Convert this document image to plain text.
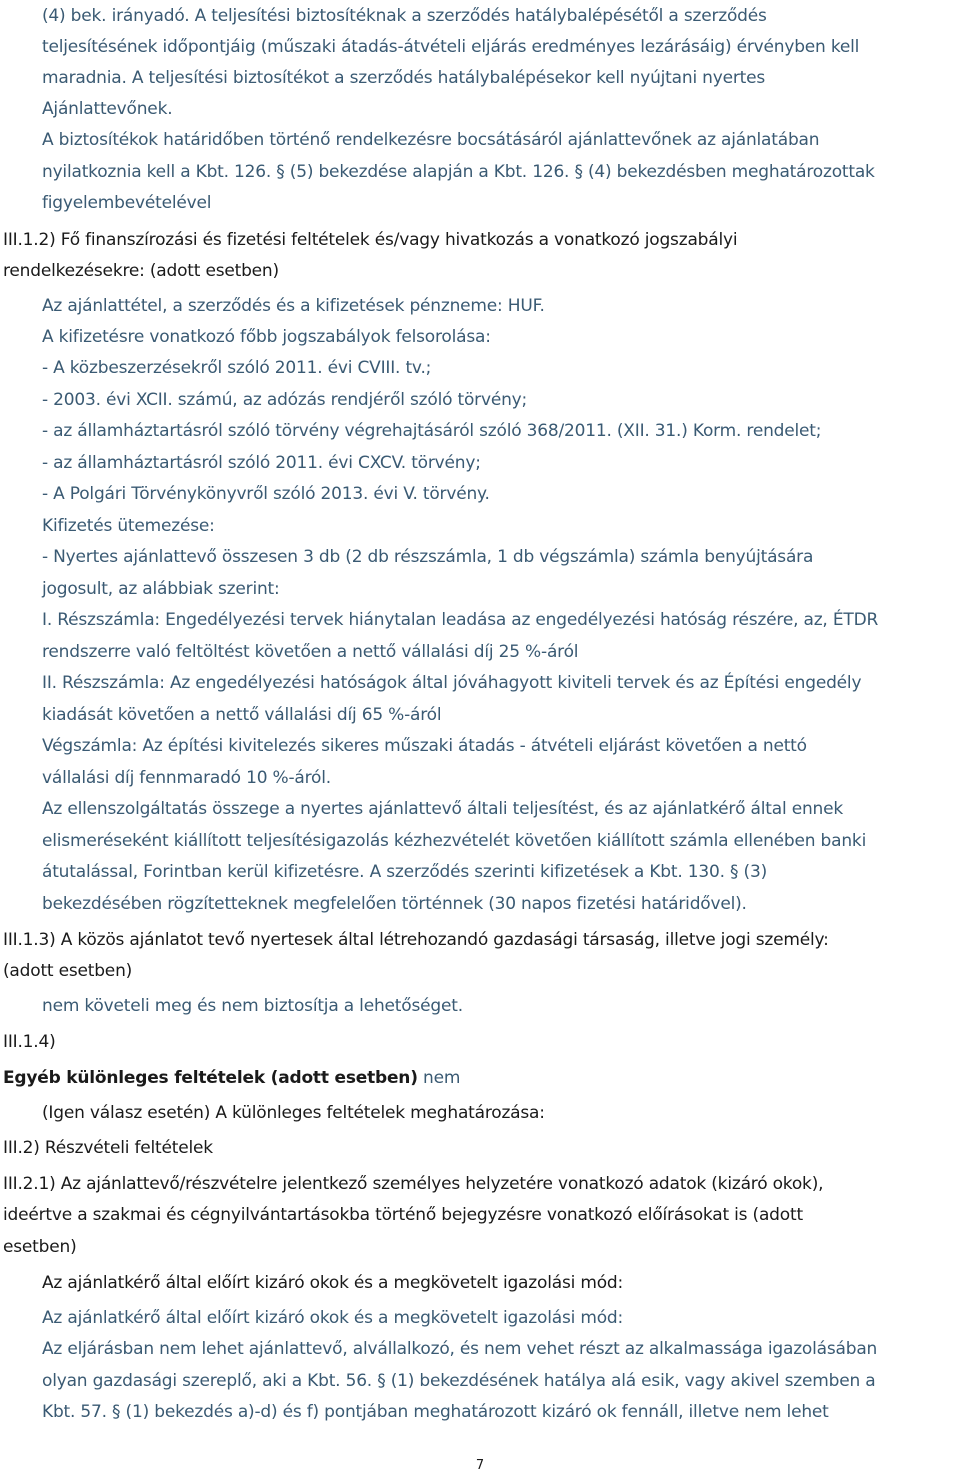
(4) bek. irányadó. A teljesítési biztosítéknak a szerződés hatálybalépésétől a szerződés
teljesítésének időpontjáig (műszaki átadás-átvételi eljárás eredményes lezárásáig) érvényben kell
maradnia. A teljesítési biztosítékot a szerződés hatálybalépésekor kell nyújtani nyertes
Ajánlattevőnek.
A biztosítékok határidőben történő rendelkezésre bocsátásáról ajánlattevőnek az ajánlatában
nyilatkoznia kell a Kbt. 126. § (5) bekezdése alapján a Kbt. 126. § (4) bekezdésben meghatározottak
figyelembevételével
III.1.2) Fő finanszírozási és fizetési feltételek és/vagy hivatkozás a vonatkozó jogszabályi
rendelkezésekre: (adott esetben)
Az ajánlattétel, a szerződés és a kifizetések pénzneme: HUF.
A kifizetésre vonatkozó főbb jogszabályok felsorolása:
- A közbeszerzésekről szóló 2011. évi CVIII. tv.;
- 2003. évi XCII. számú, az adózás rendjéről szóló törvény;
- az államháztartásról szóló törvény végrehajtásáról szóló 368/2011. (XII. 31.) Korm. rendelet;
- az államháztartásról szóló 2011. évi CXCV. törvény;
- A Polgári Törvénykönyvről szóló 2013. évi V. törvény.
Kifizetés ütemezése:
- Nyertes ajánlattevő összesen 3 db (2 db részszámla, 1 db végszámla) számla benyújtására
jogosult, az alábbiak szerint:
I. Részszámla: Engedélyezési tervek hiánytalan leadása az engedélyezési hatóság részére, az, ÉTDR
rendszerre való feltöltést követően a nettő vállalási díj 25 %-áról
II. Részszámla: Az engedélyezési hatóságok által jóváhagyott kiviteli tervek és az Építési engedély
kiadását követően a nettő vállalási díj 65 %-áról
Végszámla: Az építési kivitelezés sikeres műszaki átadás - átvételi eljárást követően a nettó
vállalási díj fennmaradó 10 %-áról.
Az ellenszolgáltatás összege a nyertes ajánlattevő általi teljesítést, és az ajánlatkérő által ennek
elismeréseként kiállított teljesítésigazolás kézhezvételét követően kiállított számla ellenében banki
átutalással, Forintban kerül kifizetésre. A szerződés szerinti kifizetések a Kbt. 130. § (3)
bekezdésében rögzítetteknek megfelelően történnek (30 napos fizetési határidővel).
III.1.3) A közös ajánlatot tevő nyertesek által létrehozandó gazdasági társaság, illetve jogi személy:
(adott esetben)
nem követeli meg és nem biztosítja a lehetőséget.
III.1.4)
Egyéb különleges feltételek (adott esetben) nem
(Igen válasz esetén) A különleges feltételek meghatározása:
III.2) Részvételi feltételek
III.2.1) Az ajánlattevő/részvételre jelentkező személyes helyzetére vonatkozó adatok (kizáró okok),
ideértve a szakmai és cégnyilvántartásokba történő bejegyzésre vonatkozó előírásokat is (adott
esetben)
Az ajánlatkérő által előírt kizáró okok és a megkövetelt igazolási mód:
Az ajánlatkérő által előírt kizáró okok és a megkövetelt igazolási mód:
Az eljárásban nem lehet ajánlattevő, alvállalkozó, és nem vehet részt az alkalmassága igazolásában
olyan gazdasági szereplő, aki a Kbt. 56. § (1) bekezdésének hatálya alá esik, vagy akivel szemben a
Kbt. 57. § (1) bekezdés a)-d) és f) pontjában meghatározott kizáró ok fennáll, illetve nem lehet
7
